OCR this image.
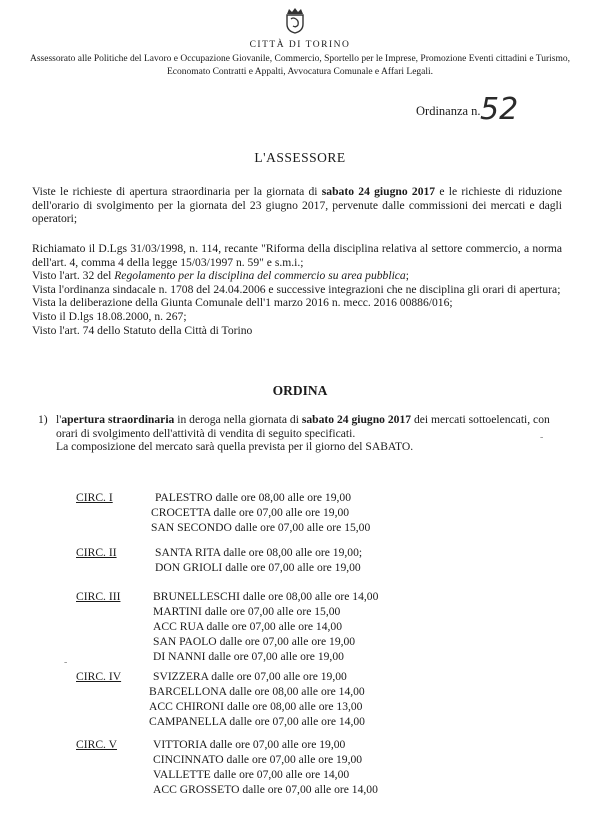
CITTÀ DI TORINO
Assessorato alle Politiche del Lavoro e Occupazione Giovanile, Commercio, Sportello per le Imprese, Promozione Eventi cittadini e Turismo, Economato Contratti e Appalti, Avvocatura Comunale e Affari Legali.
Ordinanza n. 52
L'ASSESSORE
Viste le richieste di apertura straordinaria per la giornata di sabato 24 giugno 2017 e le richieste di riduzione dell'orario di svolgimento per la giornata del 23 giugno 2017, pervenute dalle commissioni dei mercati e dagli operatori;
Richiamato il D.Lgs 31/03/1998, n. 114, recante "Riforma della disciplina relativa al settore commercio, a norma dell'art. 4, comma 4 della legge 15/03/1997 n. 59" e s.m.i.;
Visto l'art. 32 del Regolamento per la disciplina del commercio su area pubblica;
Vista l'ordinanza sindacale n. 1708 del 24.04.2006 e successive integrazioni che ne disciplina gli orari di apertura;
Vista la deliberazione della Giunta Comunale dell'1 marzo 2016 n. mecc. 2016 00886/016;
Visto il D.lgs 18.08.2000, n. 267;
Visto l'art. 74 dello Statuto della Città di Torino
ORDINA
1) l'apertura straordinaria in deroga nella giornata di sabato 24 giugno 2017 dei mercati sottoelencati, con orari di svolgimento dell'attività di vendita di seguito specificati.
La composizione del mercato sarà quella prevista per il giorno del SABATO.
-
CIRC. I	PALESTRO dalle ore 08,00 alle ore 19,00
CROCETTA dalle ore 07,00 alle ore 19,00
SAN SECONDO dalle ore 07,00 alle ore 15,00
CIRC. II	SANTA RITA dalle ore 08,00 alle ore 19,00;
DON GRIOLI dalle ore 07,00 alle ore 19,00
CIRC. III	BRUNELLESCHI dalle ore 08,00 alle ore 14,00
MARTINI dalle ore 07,00 alle ore 15,00
ACC RUA dalle ore 07,00 alle ore 14,00
SAN PAOLO dalle ore 07,00 alle ore 19,00
DI NANNI dalle ore 07,00 alle ore 19,00
-
CIRC. IV	SVIZZERA dalle ore 07,00 alle ore 19,00
BARCELLONA dalle ore 08,00 alle ore 14,00
ACC CHIRONI dalle ore 08,00 alle ore 13,00
CAMPANELLA dalle ore 07,00 alle ore 14,00
CIRC. V	VITTORIA dalle ore 07,00 alle ore 19,00
CINCINNATO dalle ore 07,00 alle ore 19,00
VALLETTE dalle ore 07,00 alle ore 14,00
ACC GROSSETO dalle ore 07,00 alle ore 14,00
